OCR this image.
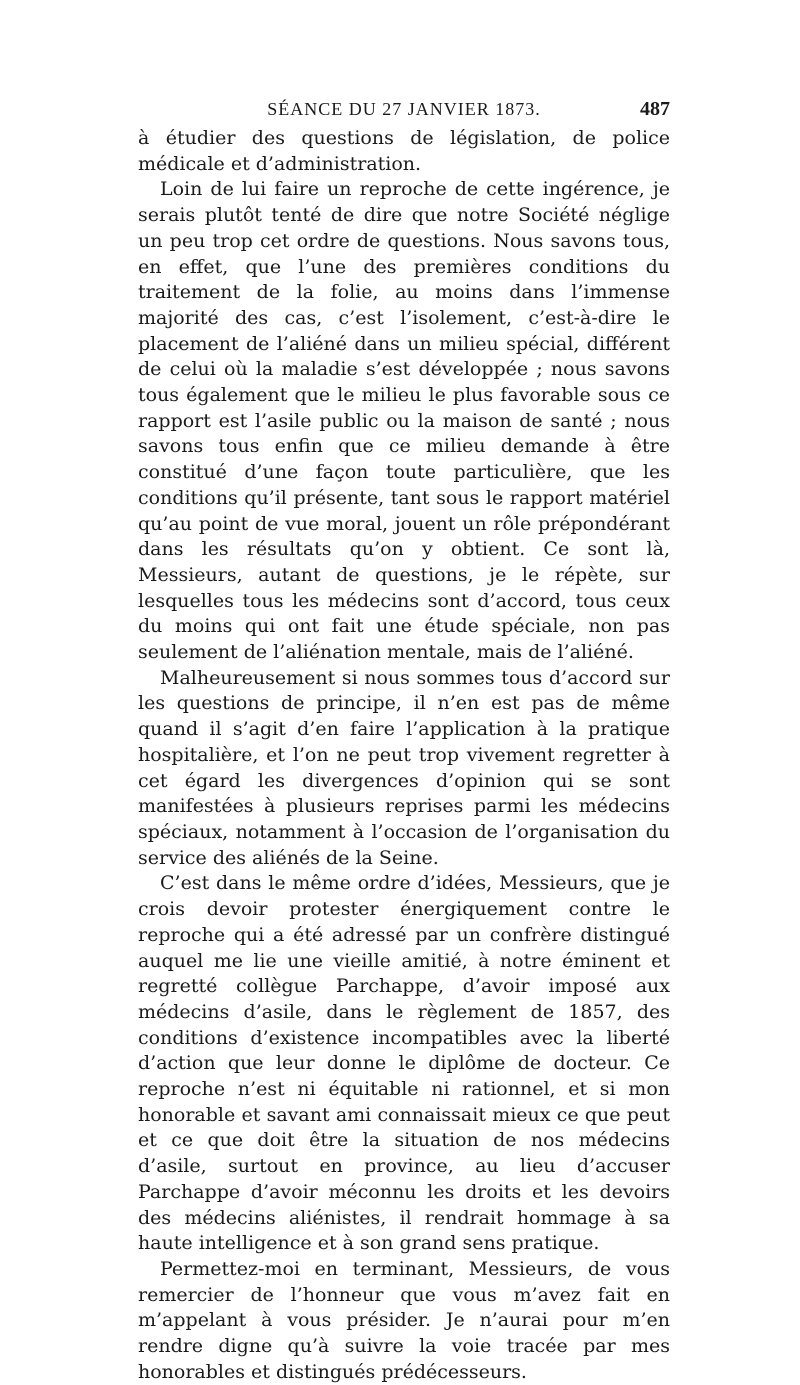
SÉANCE DU 27 JANVIER 1873.	487

à étudier des questions de législation, de police médicale et d’administration.

Loin de lui faire un reproche de cette ingérence, je serais plutôt tenté de dire que notre Société néglige un peu trop cet ordre de questions. Nous savons tous, en effet, que l’une des premières conditions du traitement de la folie, au moins dans l’immense majorité des cas, c’est l’isolement, c’est-à-dire le placement de l’aliéné dans un milieu spécial, différent de celui où la maladie s’est développée ; nous savons tous également que le milieu le plus favorable sous ce rapport est l’asile public ou la maison de santé ; nous savons tous enfin que ce milieu demande à être constitué d’une façon toute particulière, que les conditions qu’il présente, tant sous le rapport matériel qu’au point de vue moral, jouent un rôle prépondérant dans les résultats qu’on y obtient. Ce sont là, Messieurs, autant de questions, je le répète, sur lesquelles tous les médecins sont d’accord, tous ceux du moins qui ont fait une étude spéciale, non pas seulement de l’aliénation mentale, mais de l’aliéné.

Malheureusement si nous sommes tous d’accord sur les questions de principe, il n’en est pas de même quand il s’agit d’en faire l’application à la pratique hospitalière, et l’on ne peut trop vivement regretter à cet égard les divergences d’opinion qui se sont manifestées à plusieurs reprises parmi les médecins spéciaux, notamment à l’occasion de l’organisation du service des aliénés de la Seine.

C’est dans le même ordre d’idées, Messieurs, que je crois devoir protester énergiquement contre le reproche qui a été adressé par un confrère distingué auquel me lie une vieille amitié, à notre éminent et regretté collègue Parchappe, d’avoir imposé aux médecins d’asile, dans le règlement de 1857, des conditions d’existence incompatibles avec la liberté d’action que leur donne le diplôme de docteur. Ce reproche n’est ni équitable ni rationnel, et si mon honorable et savant ami connaissait mieux ce que peut et ce que doit être la situation de nos médecins d’asile, surtout en province, au lieu d’accuser Parchappe d’avoir méconnu les droits et les devoirs des médecins aliénistes, il rendrait hommage à sa haute intelligence et à son grand sens pratique.

Permettez-moi en terminant, Messieurs, de vous remercier de l’honneur que vous m’avez fait en m’appelant à vous présider. Je n’aurai pour m’en rendre digne qu’à suivre la voie tracée par mes honorables et distingués prédécesseurs.
